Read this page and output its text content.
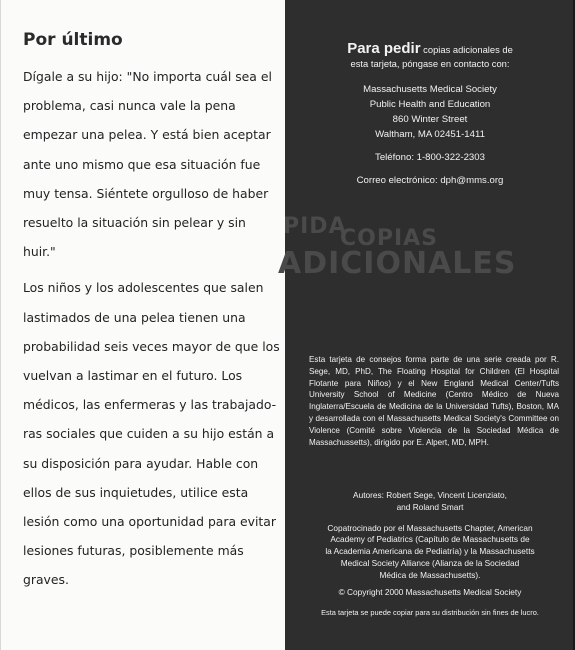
Por último

Dígale a su hijo: "No importa cuál sea el problema, casi nunca vale la pena empezar una pelea. Y está bien aceptar ante uno mismo que esa situación fue muy tensa. Siéntete orgulloso de haber resuelto la situación sin pelear y sin huir."

Los niños y los adolescentes que salen lastimados de una pelea tienen una probabilidad seis veces mayor de que los vuelvan a lastimar en el futuro. Los médicos, las enfermeras y las trabajado- ras sociales que cuiden a su hijo están a su disposición para ayudar. Hable con ellos de sus inquietudes, utilice esta lesión como una oportunidad para evitar lesiones futuras, posiblemente más graves.

Para pedir copias adicionales de
esta tarjeta, póngase en contacto con:
Massachusetts Medical Society
Public Health and Education
860 Winter Street
Waltham, MA 02451-1411
Teléfono: 1-800-322-2303
Correo electrónico: dph@mms.org
Esta tarjeta de consejos forma parte de una serie creada por R. Sege, MD, PhD, The Floating Hospital for Children (El Hospital Flotante para Niños) y el New England Medical Center/Tufts University School of Medicine (Centro Médico de Nueva Inglaterra/Escuela de Medicina de la Universidad Tufts), Boston, MA y desarrollada con el Massachusetts Medical Society's Committee on Violence (Comité sobre Violencia de la Sociedad Médica de Massachussetts), dirigido por E. Alpert, MD, MPH.

Autores: Robert Sege, Vincent Licenziato,

and Roland Smart

Copatrocinado por el Massachusetts Chapter, American

Academy of Pediatrics (Capítulo de Massachusetts de

la Academia Americana de Pediatría) y la Massachusetts

Medical Society Alliance (Alianza de la Sociedad

Médica de Massachusetts).

© Copyright 2000 Massachusetts Medical Society

Esta tarjeta se puede copiar para su distribución sin fines de lucro.

PIDA
COPIAS
ADICIONALES
